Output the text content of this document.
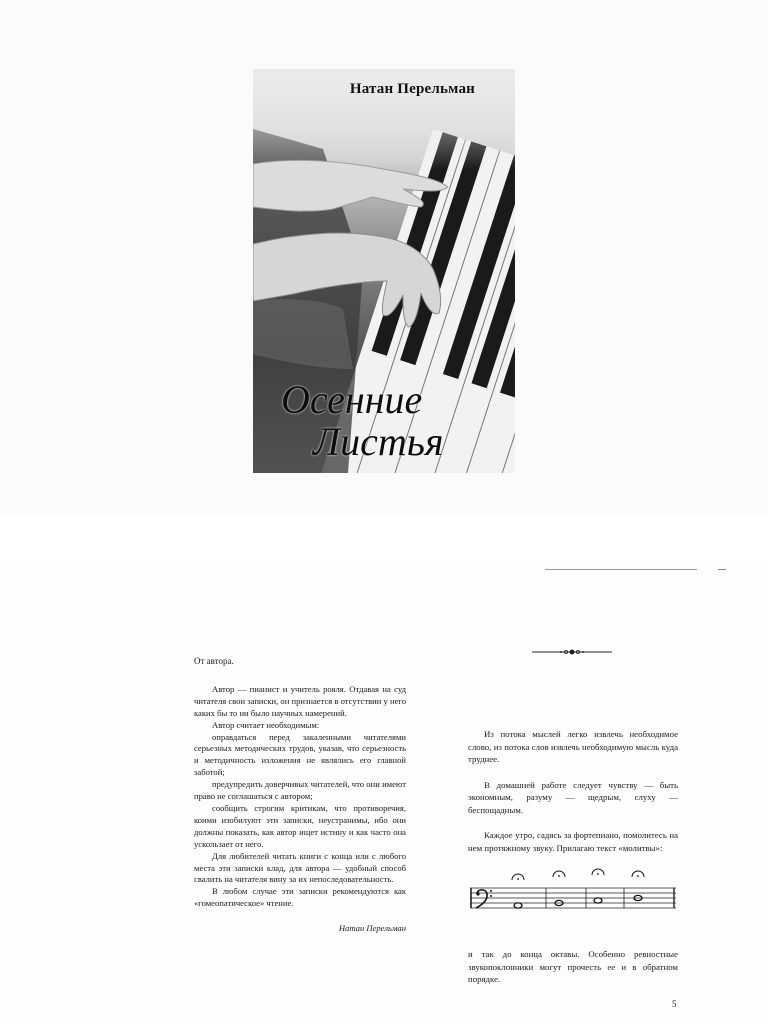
Натан Перельман
Осенние
Листья

От автора.

Автор — пианист и учитель рояля. Отдавая на суд читателя свои записки, он признается в отсутствии у него каких бы то ни было научных намерений.

Автор считает необходимым:

оправдаться перед закаленными читателями серьезных методических трудов, указав, что серьезность и методичность изложения не являлись его главной заботой;

предупредить доверчивых читателей, что они имеют право не соглашаться с автором;

сообщить строгим критикам, что противоречия, коими изобилуют эти записки, неустранимы, ибо они должны показать, как автор ищет истину и как часто она ускользает от него.

Для любителей читать книги с конца или с любого места эти записки клад, для автора — удобный способ свалить на читателя вину за их непоследовательность.

В любом случае эти записки рекомендуются как «гомеопатическое» чтение.

Натан Перельман

Из потока мыслей легко извлечь необходимое слово, из потока слов извлечь необходимую мысль куда труднее.

В домашней работе следует чувству — быть экономным, разуму — щедрым, слуху — беспощадным.

Каждое утро, садясь за фортепиано, помолитесь на нем протяжному звуку. Прилагаю текст «молитвы»:

и так до конца октавы. Особенно ревностные звукопоклонники могут прочесть ее и в обратном порядке.
5
